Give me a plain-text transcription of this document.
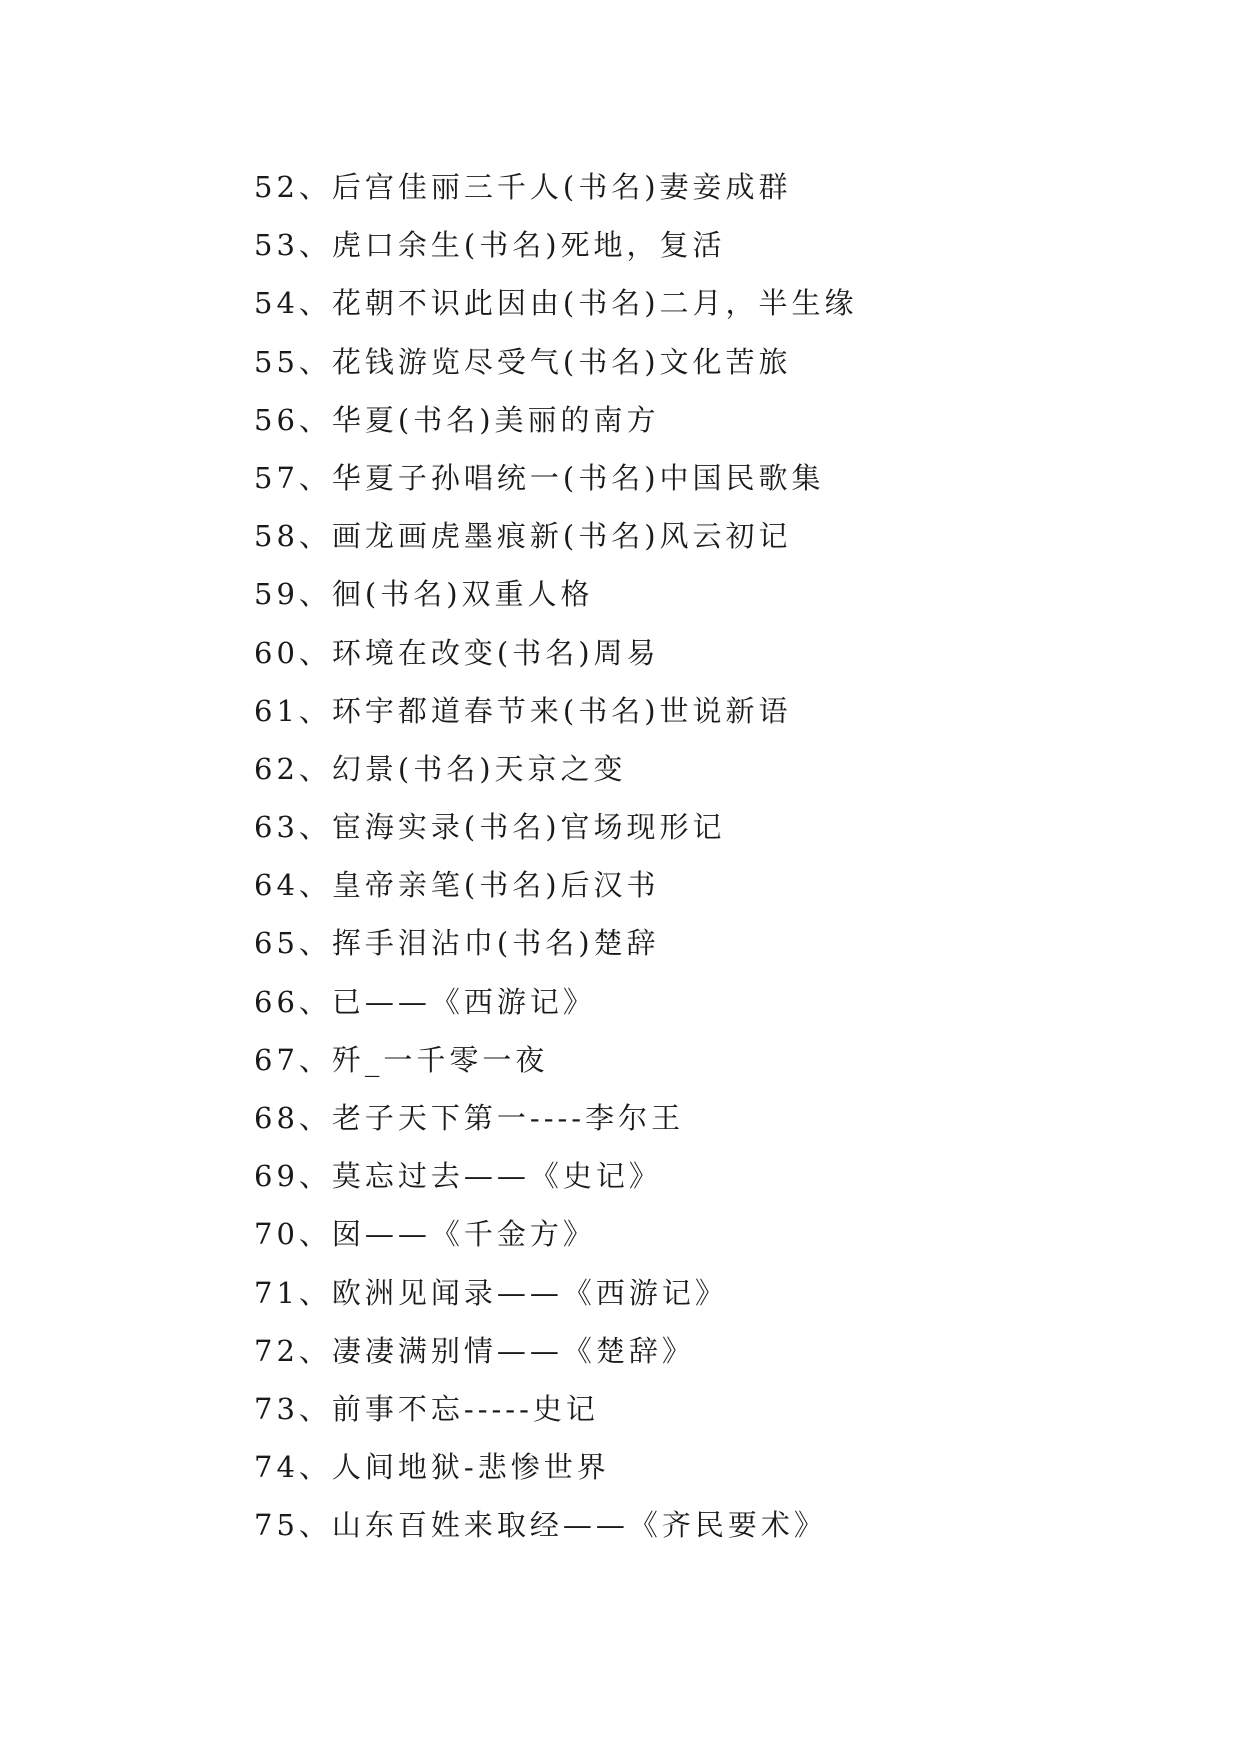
52、后宫佳丽三千人(书名)妻妾成群
53、虎口余生(书名)死地，复活
54、花朝不识此因由(书名)二月，半生缘
55、花钱游览尽受气(书名)文化苦旅
56、华夏(书名)美丽的南方
57、华夏子孙唱统一(书名)中国民歌集
58、画龙画虎墨痕新(书名)风云初记
59、徊(书名)双重人格
60、环境在改变(书名)周易
61、环宇都道春节来(书名)世说新语
62、幻景(书名)天京之变
63、宦海实录(书名)官场现形记
64、皇帝亲笔(书名)后汉书
65、挥手泪沾巾(书名)楚辞
66、已——《西游记》
67、歼_一千零一夜
68、老子天下第一----李尔王
69、莫忘过去——《史记》
70、囡——《千金方》
71、欧洲见闻录——《西游记》
72、凄凄满别情——《楚辞》
73、前事不忘-----史记
74、人间地狱-悲惨世界
75、山东百姓来取经——《齐民要术》
